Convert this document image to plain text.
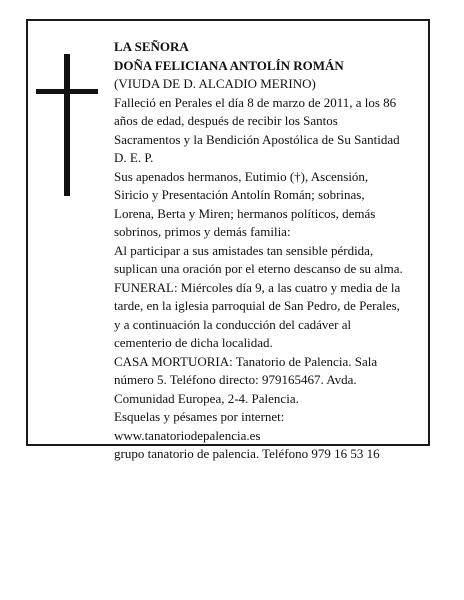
LA SEÑORA
DOÑA FELICIANA ANTOLÍN ROMÁN
(VIUDA DE D. ALCADIO MERINO)
Falleció en Perales el día 8 de marzo de 2011, a los 86
años de edad, después de recibir los Santos
Sacramentos y la Bendición Apostólica de Su Santidad
D. E. P.
Sus apenados hermanos, Eutimio (†), Ascensión,
Siricio y Presentación Antolín Román; sobrinas,
Lorena, Berta y Miren; hermanos políticos, demás
sobrinos, primos y demás familia:
Al participar a sus amistades tan sensible pérdida,
suplican una oración por el eterno descanso de su alma.
FUNERAL: Miércoles día 9, a las cuatro y media de la
tarde, en la iglesia parroquial de San Pedro, de Perales,
y a continuación la conducción del cadáver al
cementerio de dicha localidad.
CASA MORTUORIA: Tanatorio de Palencia. Sala
número 5. Teléfono directo: 979165467. Avda.
Comunidad Europea, 2-4. Palencia.
Esquelas y pésames por internet:
www.tanatoriodepalencia.es
grupo tanatorio de palencia. Teléfono 979 16 53 16
